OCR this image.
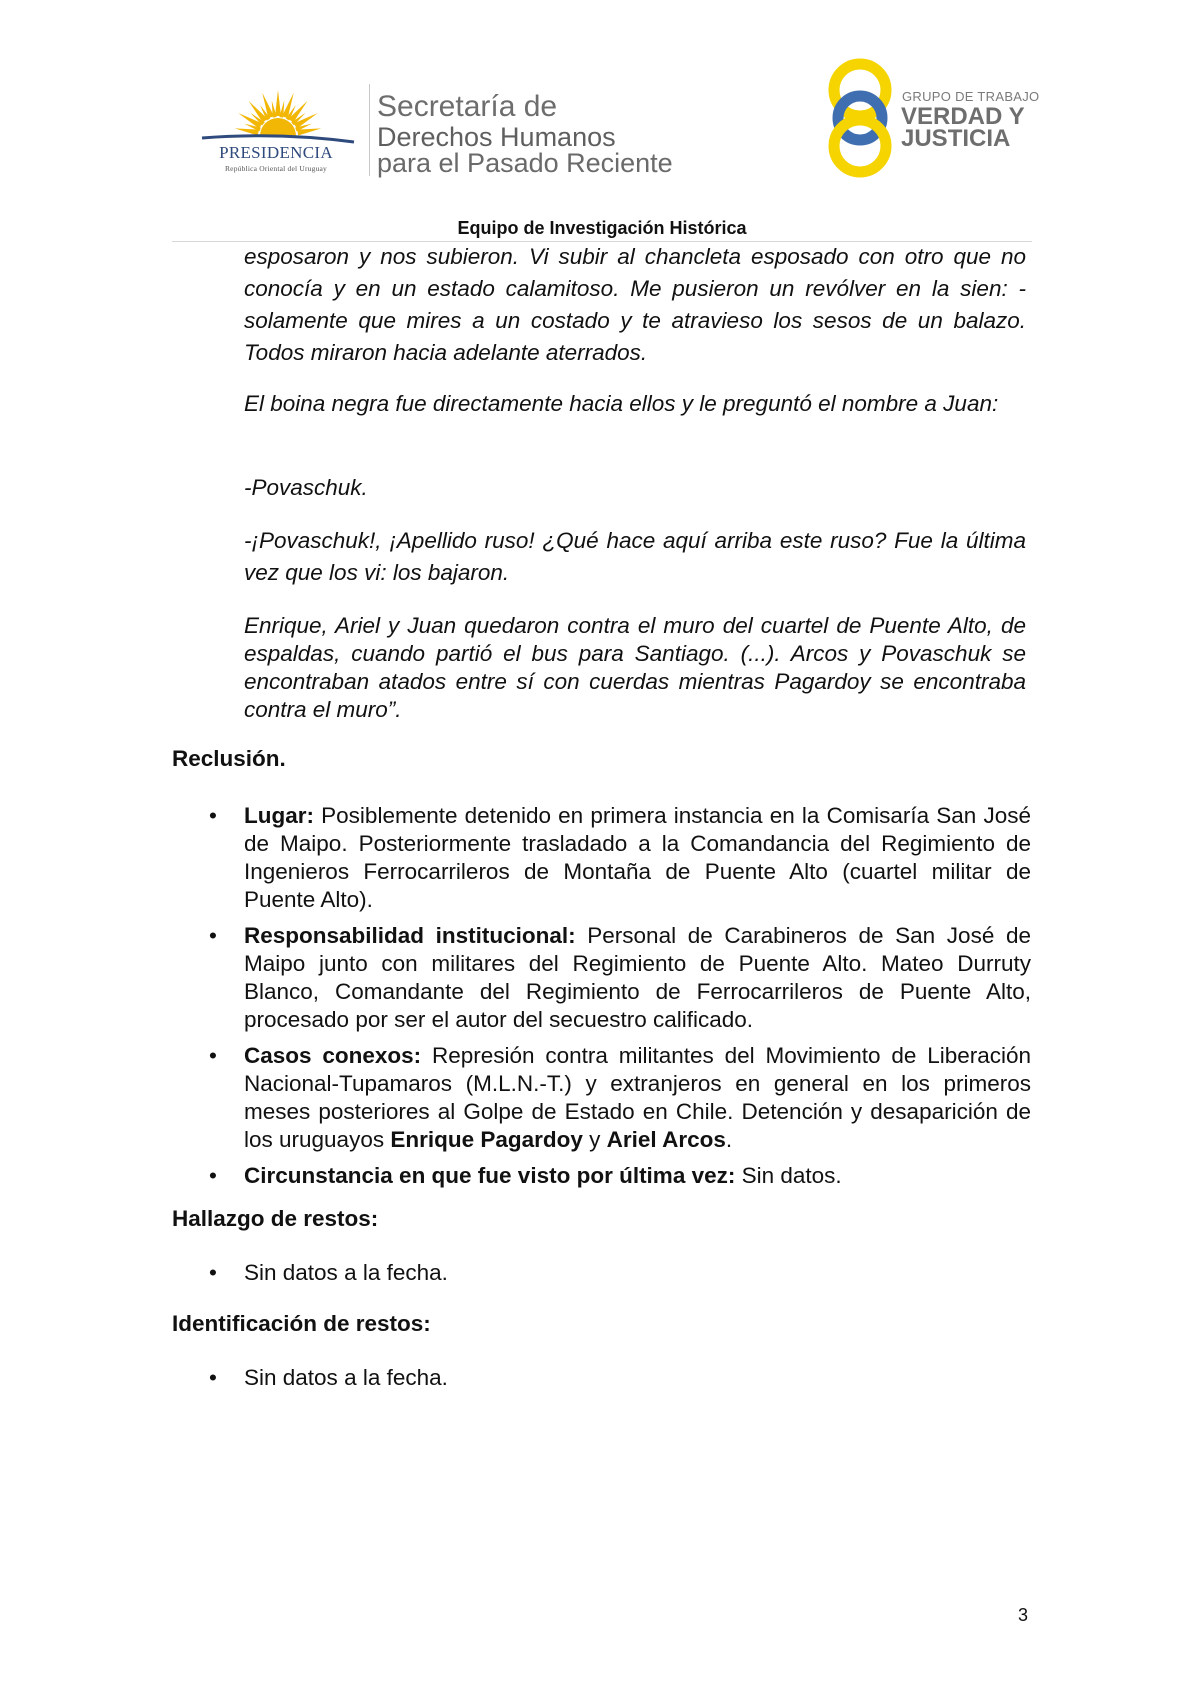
PRESIDENCIA
República Oriental del Uruguay
Secretaría de
Derechos Humanos
para el Pasado Reciente
GRUPO DE TRABAJO
VERDAD Y
JUSTICIA
Equipo de Investigación Histórica
esposaron y nos subieron. Vi subir al chancleta esposado con otro que no conocía y en un estado calamitoso. Me pusieron un revólver en la sien: -solamente que mires a un costado y te atravieso los sesos de un balazo. Todos miraron hacia adelante aterrados.
El boina negra fue directamente hacia ellos y le preguntó el nombre a Juan:
-Povaschuk.
-¡Povaschuk!, ¡Apellido ruso! ¿Qué hace aquí arriba este ruso? Fue la última vez que los vi: los bajaron.
Enrique, Ariel y Juan quedaron contra el muro del cuartel de Puente Alto, de espaldas, cuando partió el bus para Santiago. (...). Arcos y Povaschuk se encontraban atados entre sí con cuerdas mientras Pagardoy se encontraba contra el muro”.
Reclusión.
• Lugar: Posiblemente detenido en primera instancia en la Comisaría San José de Maipo. Posteriormente trasladado a la Comandancia del Regimiento de Ingenieros Ferrocarrileros de Montaña de Puente Alto (cuartel militar de Puente Alto).
• Responsabilidad institucional: Personal de Carabineros de San José de Maipo junto con militares del Regimiento de Puente Alto. Mateo Durruty Blanco, Comandante del Regimiento de Ferrocarrileros de Puente Alto, procesado por ser el autor del secuestro calificado.
• Casos conexos: Represión contra militantes del Movimiento de Liberación Nacional-Tupamaros (M.L.N.-T.) y extranjeros en general en los primeros meses posteriores al Golpe de Estado en Chile. Detención y desaparición de los uruguayos Enrique Pagardoy y Ariel Arcos.
• Circunstancia en que fue visto por última vez: Sin datos.
Hallazgo de restos:
• Sin datos a la fecha.
Identificación de restos:
• Sin datos a la fecha.
3
